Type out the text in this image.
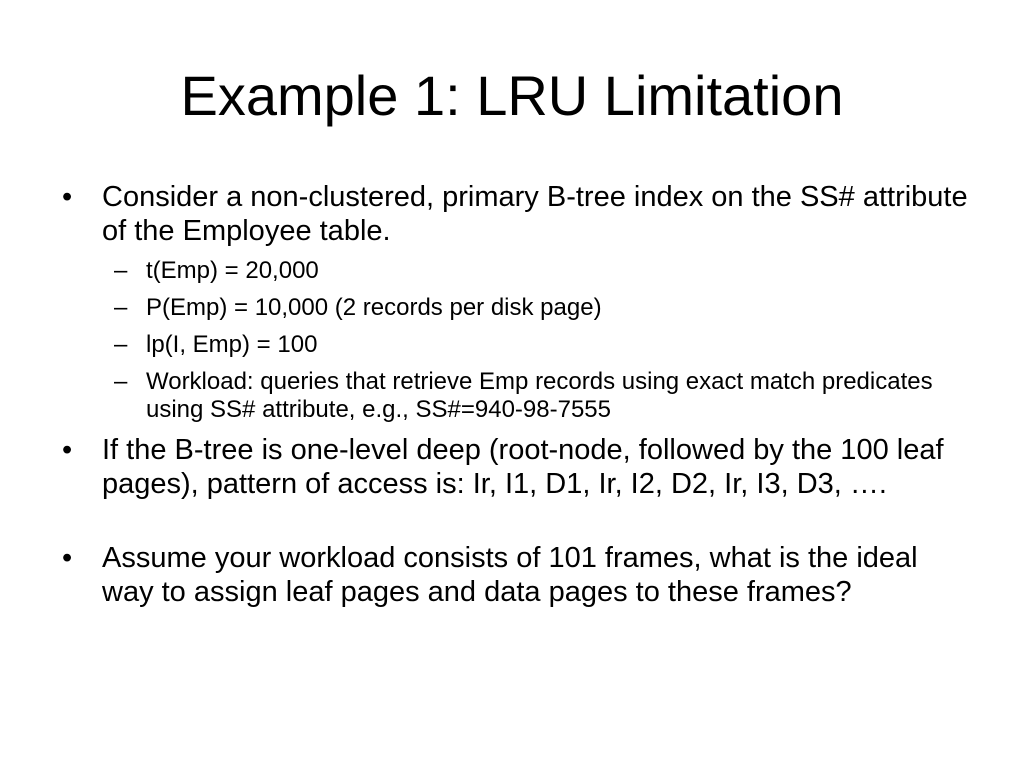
Example 1: LRU Limitation
• Consider a non-clustered, primary B-tree index on the SS# attribute of the Employee table.
– t(Emp) = 20,000
– P(Emp) = 10,000 (2 records per disk page)
– lp(I, Emp) = 100
– Workload: queries that retrieve Emp records using exact match predicates using SS# attribute, e.g., SS#=940-98-7555
• If the B-tree is one-level deep (root-node, followed by the 100 leaf pages), pattern of access is: Ir, I1, D1, Ir, I2, D2, Ir, I3, D3, ….
• Assume your workload consists of 101 frames, what is the ideal way to assign leaf pages and data pages to these frames?
